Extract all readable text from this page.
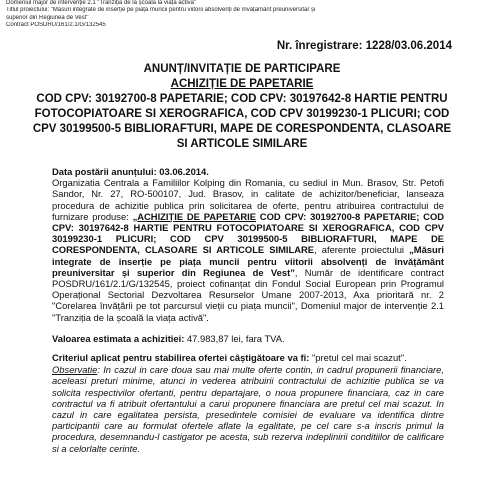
Domeniul major de intervenție 2.1 "Tranziția de la școală la viața activă"
Titlul proiectului: "Măsuri integrate de inserție pe piața muncii pentru viitorii absolvenți de învățământ preuniversitar și
superior din Regiunea de Vest"
Contract POSDRU/161/2.1/G/132545
Nr. înregistrare: 1228/03.06.2014
ANUNȚ/INVITAȚIE DE PARTICIPARE
ACHIZIȚIE DE PAPETARIE
COD CPV: 30192700-8 PAPETARIE; COD CPV: 30197642-8 HARTIE PENTRU FOTOCOPIATOARE SI XEROGRAFICA, COD CPV 30199230-1 PLICURI; COD CPV 30199500-5 BIBLIORAFTURI, MAPE DE CORESPONDENTA, CLASOARE SI ARTICOLE SIMILARE

Data postării anunțului: 03.06.2014.

Organizatia Centrala a Familiilor Kolping din Romania, cu sediul in Mun. Brasov, Str. Petofi Sandor, Nr. 27, RO-500107, Jud. Brasov, in calitate de achizitor/beneficiar, lanseaza procedura de achizitie publica prin solicitarea de oferte, pentru atribuirea contractului de furnizare produse: „ACHIZIȚIE DE PAPETARIE COD CPV: 30192700-8 PAPETARIE; COD CPV: 30197642-8 HARTIE PENTRU FOTOCOPIATOARE SI XEROGRAFICA, COD CPV 30199230-1 PLICURI; COD CPV 30199500-5 BIBLIORAFTURI, MAPE DE CORESPONDENTA, CLASOARE SI ARTICOLE SIMILARE, aferente proiectului „Măsuri integrate de inserție pe piața muncii pentru viitorii absolvenți de învățământ preuniversitar și superior din Regiunea de Vest”, Număr de identificare contract POSDRU/161/2.1/G/132545, proiect cofinanțat din Fondul Social European prin Programul Operațional Sectorial Dezvoltarea Resurselor Umane 2007-2013, Axa prioritară nr. 2 "Corelarea învățării pe tot parcursul vieții cu piața muncii", Domeniul major de intervenție 2.1 "Tranziția de la școală la viața activă".

Valoarea estimata a achizitiei: 47.983,87 lei, fara TVA.

Criteriul aplicat pentru stabilirea ofertei câștigătoare va fi: "pretul cel mai scazut".

Observatie: In cazul in care doua sau mai multe oferte contin, in cadrul propunerii financiare, aceleasi preturi minime, atunci in vederea atribuirii contractului de achizitie publica se va solicita respectivilor ofertanti, pentru departajare, o noua propunere financiara, caz in care contractul va fi atribuit ofertantului a carui propunere financiara are pretul cel mai scazut. In cazul in care egalitatea persista, presedintele comisiei de evaluare va identifica dintre participantii care au formulat ofertele aflate la egalitate, pe cel care s-a inscris primul la procedura, desemnandu-l castigator pe acesta, sub rezerva indeplinirii conditiilor de calificare si a celorlalte cerinte.
